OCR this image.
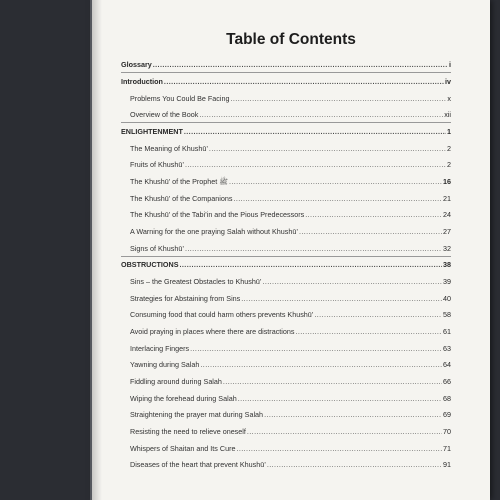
Table of Contents
Glossary .....	i
Introduction .....	iv
Problems You Could Be Facing .....	x
Overview of the Book .....	xii
ENLIGHTENMENT .....	1
The Meaning of Khushū’ .....	2
Fruits of Khushū’ .....	2
The Khushū’ of the Prophet ﷺ .....	16
The Khushū’ of the Companions .....	21
The Khushū’ of the Tabi’in and the Pious Predecessors .....	24
A Warning for the one praying Salah without Khushū’ .....	27
Signs of Khushū’ .....	32
OBSTRUCTIONS .....	38
Sins – the Greatest Obstacles to Khushū’ .....	39
Strategies for Abstaining from Sins .....	40
Consuming food that could harm others prevents Khushū’ .....	58
Avoid praying in places where there are distractions .....	61
Interlacing Fingers .....	63
Yawning during Salah .....	64
Fiddling around during Salah .....	66
Wiping the forehead during Salah .....	68
Straightening the prayer mat during Salah .....	69
Resisting the need to relieve oneself .....	70
Whispers of Shaitan and Its Cure .....	71
Diseases of the heart that prevent Khushū’ .....	91
